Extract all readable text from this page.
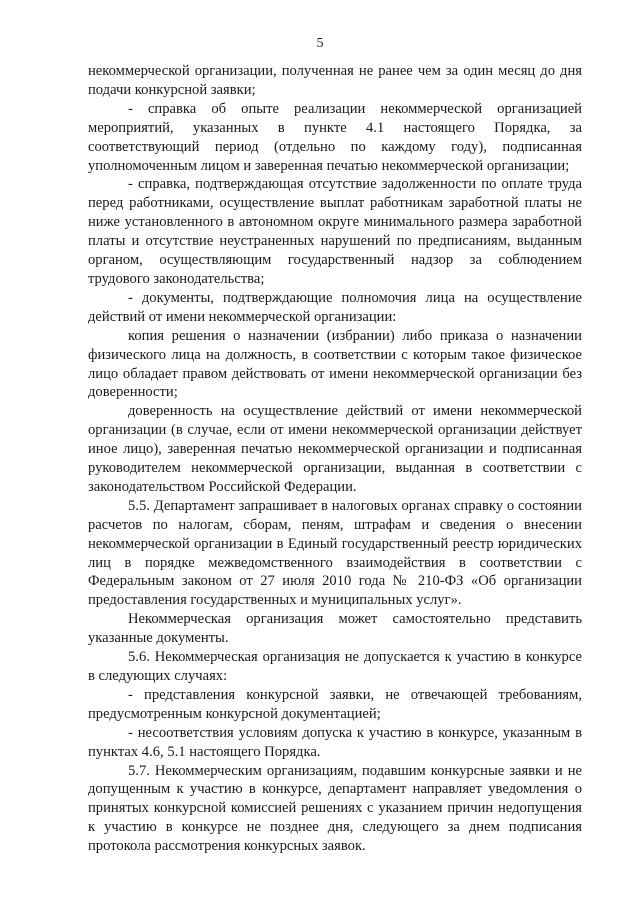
5

некоммерческой организации, полученная не ранее чем за один месяц до дня подачи конкурсной заявки;

- справка об опыте реализации некоммерческой организацией мероприятий, указанных в пункте 4.1 настоящего Порядка, за соответствующий период (отдельно по каждому году), подписанная уполномоченным лицом и заверенная печатью некоммерческой организации;

- справка, подтверждающая отсутствие задолженности по оплате труда перед работниками, осуществление выплат работникам заработной платы не ниже установленного в автономном округе минимального размера заработной платы и отсутствие неустраненных нарушений по предписаниям, выданным органом, осуществляющим государственный надзор за соблюдением трудового законодательства;

- документы, подтверждающие полномочия лица на осуществление действий от имени некоммерческой организации:

копия решения о назначении (избрании) либо приказа о назначении физического лица на должность, в соответствии с которым такое физическое лицо обладает правом действовать от имени некоммерческой организации без доверенности;

доверенность на осуществление действий от имени некоммерческой организации (в случае, если от имени некоммерческой организации действует иное лицо), заверенная печатью некоммерческой организации и подписанная руководителем некоммерческой организации, выданная в соответствии с законодательством Российской Федерации.

5.5. Департамент запрашивает в налоговых органах справку о состоянии расчетов по налогам, сборам, пеням, штрафам и сведения о внесении некоммерческой организации в Единый государственный реестр юридических лиц в порядке межведомственного взаимодействия в соответствии с Федеральным законом от 27 июля 2010 года № 210-ФЗ «Об организации предоставления государственных и муниципальных услуг».

Некоммерческая организация может самостоятельно представить указанные документы.

5.6. Некоммерческая организация не допускается к участию в конкурсе в следующих случаях:

- представления конкурсной заявки, не отвечающей требованиям, предусмотренным конкурсной документацией;

- несоответствия условиям допуска к участию в конкурсе, указанным в пунктах 4.6, 5.1 настоящего Порядка.

5.7. Некоммерческим организациям, подавшим конкурсные заявки и не допущенным к участию в конкурсе, департамент направляет уведомления о принятых конкурсной комиссией решениях с указанием причин недопущения к участию в конкурсе не позднее дня, следующего за днем подписания протокола рассмотрения конкурсных заявок.
